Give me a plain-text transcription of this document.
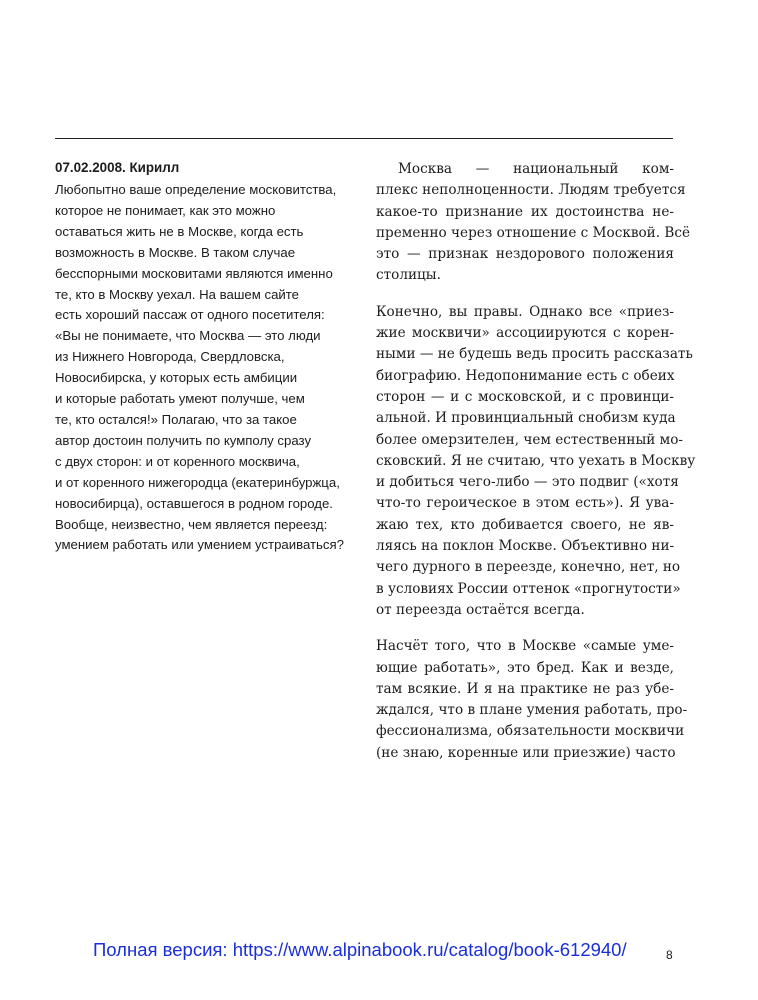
07.02.2008. Кирилл
Любопытно ваше определение московитства,
которое не понимает, как это можно
оставаться жить не в Москве, когда есть
возможность в Москве. В таком случае
бесспорными московитами являются именно
те, кто в Москву уехал. На вашем сайте
есть хороший пассаж от одного посетителя:
«Вы не понимаете, что Москва — это люди
из Нижнего Новгорода, Свердловска,
Новосибирска, у которых есть амбиции
и которые работать умеют получше, чем
те, кто остался!» Полагаю, что за такое
автор достоин получить по кумполу сразу
с двух сторон: и от коренного москвича,
и от коренного нижегородца (екатеринбуржца,
новосибирца), оставшегося в родном городе.
Вообще, неизвестно, чем является переезд:
умением работать или умением устраиваться?
Москва — национальный ком-
плекс неполноценности. Людям требуется
какое-то признание их достоинства не-
пременно через отношение с Москвой. Всё
это — признак нездорового положения
столицы.
Конечно, вы правы. Однако все «приез-
жие москвичи» ассоциируются с корен-
ными — не будешь ведь просить рассказать
биографию. Недопонимание есть с обеих
сторон — и с московской, и с провинци-
альной. И провинциальный снобизм куда
более омерзителен, чем естественный мо-
сковский. Я не считаю, что уехать в Москву
и добиться чего-либо — это подвиг («хотя
что-то героическое в этом есть»). Я ува-
жаю тех, кто добивается своего, не яв-
ляясь на поклон Москве. Объективно ни-
чего дурного в переезде, конечно, нет, но
в условиях России оттенок «прогнутости»
от переезда остаётся всегда.
Насчёт того, что в Москве «самые уме-
ющие работать», это бред. Как и везде,
там всякие. И я на практике не раз убе-
ждался, что в плане умения работать, про-
фессионализма, обязательности москвичи
(не знаю, коренные или приезжие) часто
Полная версия: https://www.alpinabook.ru/catalog/book-612940/	8
